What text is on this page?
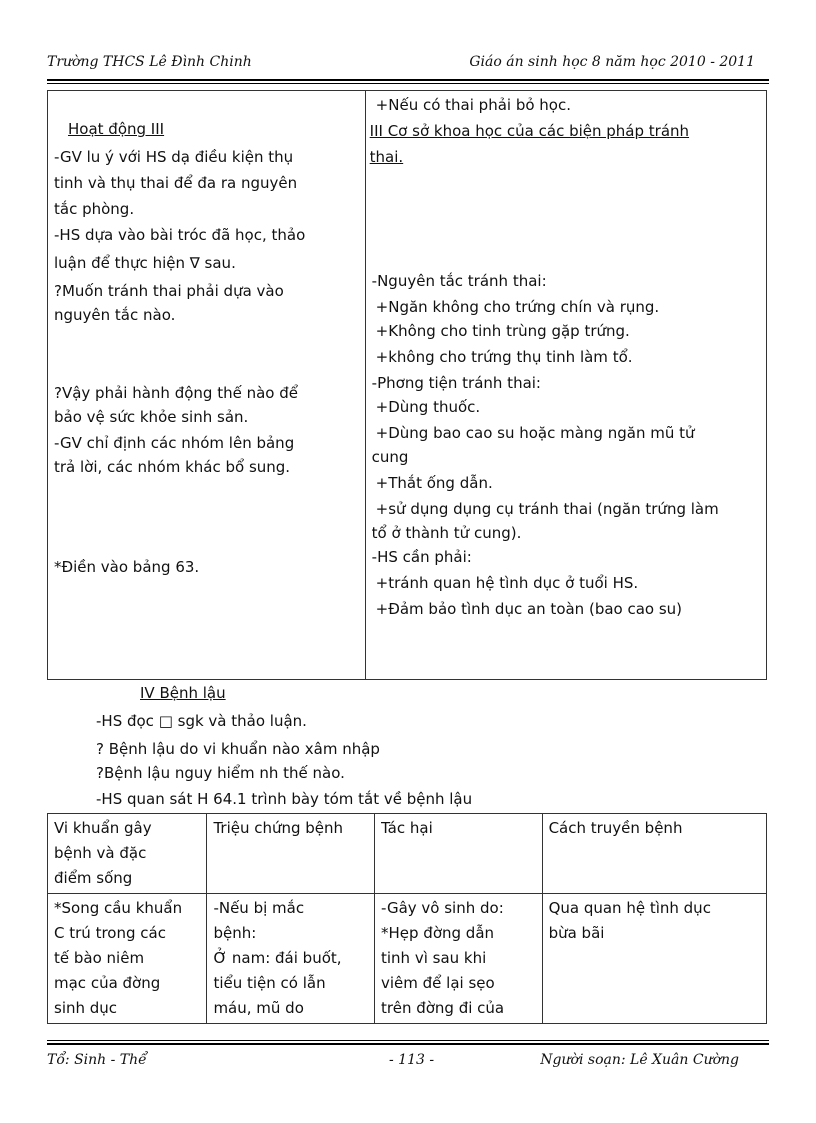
Trường THCS Lê Đình Chinh	Giáo án sinh học 8 năm học 2010 - 2011
Hoạt động III
-GV lu ý với HS dạ điều kiện thụ
tinh và thụ thai để đa ra nguyên
tắc phòng.
-HS dựa vào bài tróc đã học, thảo
luận để thực hiện ∇ sau.
?Muốn tránh thai phải dựa vào
nguyên tắc nào.
?Vậy phải hành động thế nào để
bảo vệ sức khỏe sinh sản.
-GV chỉ định các nhóm lên bảng
trả lời, các nhóm khác bổ sung.
*Điền vào bảng 63.

+Nếu có thai phải bỏ học.
III Cơ sở khoa học của các biện pháp tránh
thai.
-Nguyên tắc tránh thai:
+Ngăn không cho trứng chín và rụng.
+Không cho tinh trùng gặp trứng.
+không cho trứng thụ tinh làm tổ.
-Phơng tiện tránh thai:
+Dùng thuốc.
+Dùng bao cao su hoặc màng ngăn mũ tử
cung
+Thắt ống dẫn.
+sử dụng dụng cụ tránh thai (ngăn trứng làm
tổ ở thành tử cung).
-HS cần phải:
+tránh quan hệ tình dục ở tuổi HS.
+Đảm bảo tình dục an toàn (bao cao su)
IV Bệnh lậu
-HS đọc □ sgk và thảo luận.
? Bệnh lậu do vi khuẩn nào xâm nhập
?Bệnh lậu nguy hiểm nh thế nào.
-HS quan sát H 64.1 trình bày tóm tắt về bệnh lậu
Vi khuẩn gây
bệnh và đặc
điểm sống	Triệu chứng bệnh	Tác hại	Cách truyền bệnh

*Song cầu khuẩn
C trú trong các
tế bào niêm
mạc của đờng
sinh dục	-Nếu bị mắc
bệnh:
Ở nam: đái buốt,
tiểu tiện có lẫn
máu, mũ do	-Gây vô sinh do:
*Hẹp đờng dẫn
tinh vì sau khi
viêm để lại sẹo
trên đờng đi của	Qua quan hệ tình dục
bừa bãi
Tổ: Sinh - Thể	- 113 -	Người soạn: Lê Xuân Cường
